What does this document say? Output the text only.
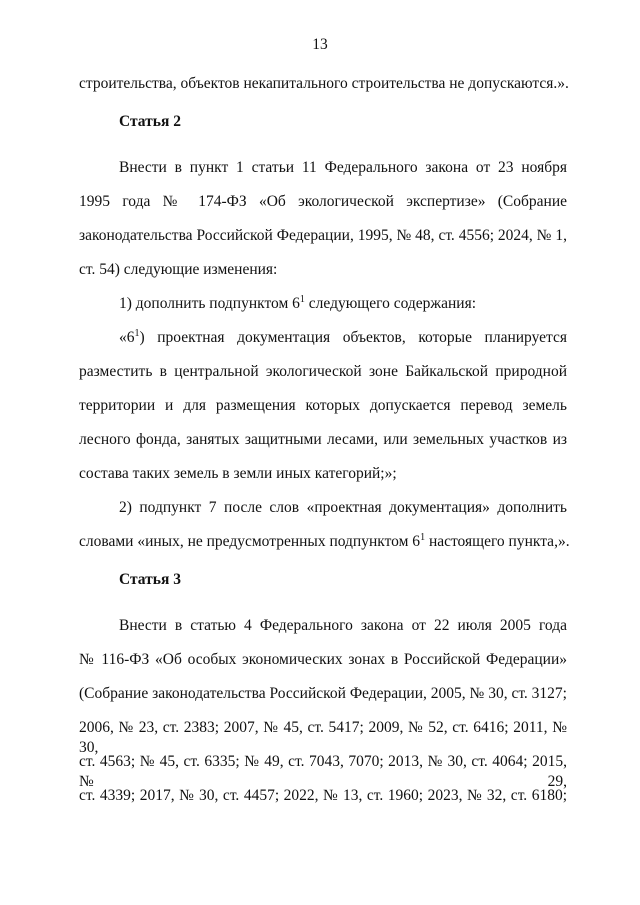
13
строительства, объектов некапитального строительства не допускаются.».
Статья 2
Внести в пункт 1 статьи 11 Федерального закона от 23 ноября
1995 года № 174-ФЗ «Об экологической экспертизе» (Собрание
законодательства Российской Федерации, 1995, № 48, ст. 4556; 2024, № 1,
ст. 54) следующие изменения:
1) дополнить подпунктом $6^1$ следующего содержания:
«$6^1$) проектная документация объектов, которые планируется
разместить в центральной экологической зоне Байкальской природной
территории и для размещения которых допускается перевод земель
лесного фонда, занятых защитными лесами, или земельных участков из
состава таких земель в земли иных категорий;»;
2) подпункт 7 после слов «проектная документация» дополнить
словами «иных, не предусмотренных подпунктом $6^1$ настоящего пункта,».
Статья 3
Внести в статью 4 Федерального закона от 22 июля 2005 года
№ 116-ФЗ «Об особых экономических зонах в Российской Федерации»
(Собрание законодательства Российской Федерации, 2005, № 30, ст. 3127;
2006, № 23, ст. 2383; 2007, № 45, ст. 5417; 2009, № 52, ст. 6416; 2011, № 30,
ст. 4563; № 45, ст. 6335; № 49, ст. 7043, 7070; 2013, № 30, ст. 4064; 2015, № 29,
ст. 4339; 2017, № 30, ст. 4457; 2022, № 13, ст. 1960; 2023, № 32, ст. 6180;
